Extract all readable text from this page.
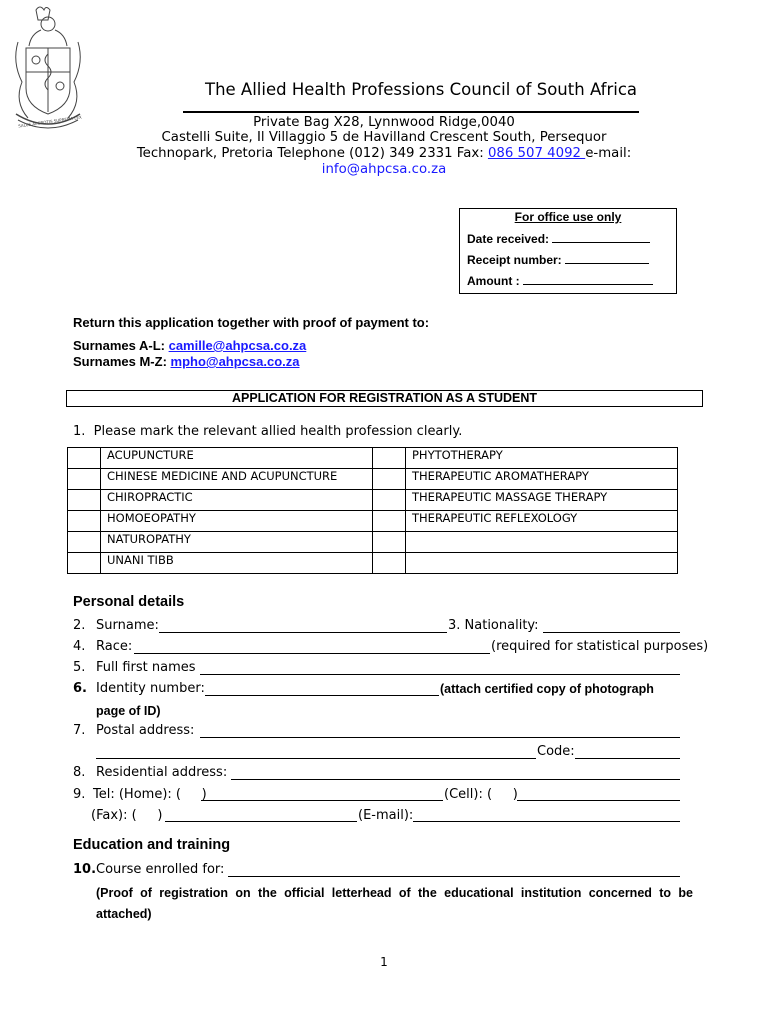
SALUS AEGROTIS SUPREMA LEX
The Allied Health Professions Council of South Africa
Private Bag X28, Lynnwood Ridge,0040
Castelli Suite, Il Villaggio 5 de Havilland Crescent South, Persequor
Technopark, Pretoria Telephone (012) 349 2331 Fax: 086 507 4092 e-mail:
info@ahpcsa.co.za
For office use only
Date received:
Receipt number:
Amount :
Return this application together with proof of payment to:
Surnames A-L: camille@ahpcsa.co.za
Surnames M-Z: mpho@ahpcsa.co.za
APPLICATION FOR REGISTRATION AS A STUDENT
1. Please mark the relevant allied health profession clearly.
	ACUPUNCTURE		PHYTOTHERAPY
	CHINESE MEDICINE AND ACUPUNCTURE		THERAPEUTIC AROMATHERAPY
	CHIROPRACTIC		THERAPEUTIC MASSAGE THERAPY
	HOMOEOPATHY		THERAPEUTIC REFLEXOLOGY
	NATUROPATHY		
	UNANI TIBB		
Personal details
2. Surname:	3. Nationality:
4. Race:	(required for statistical purposes)
5. Full first names
6. Identity number:	(attach certified copy of photograph
page of ID)
7. Postal address:
Code:
8. Residential address:
9. Tel: (Home): (     )	(Cell): (     )
(Fax): (     )	(E-mail):
Education and training
10. Course enrolled for:
(Proof of registration on the official letterhead of the educational institution concerned to be attached)
1
